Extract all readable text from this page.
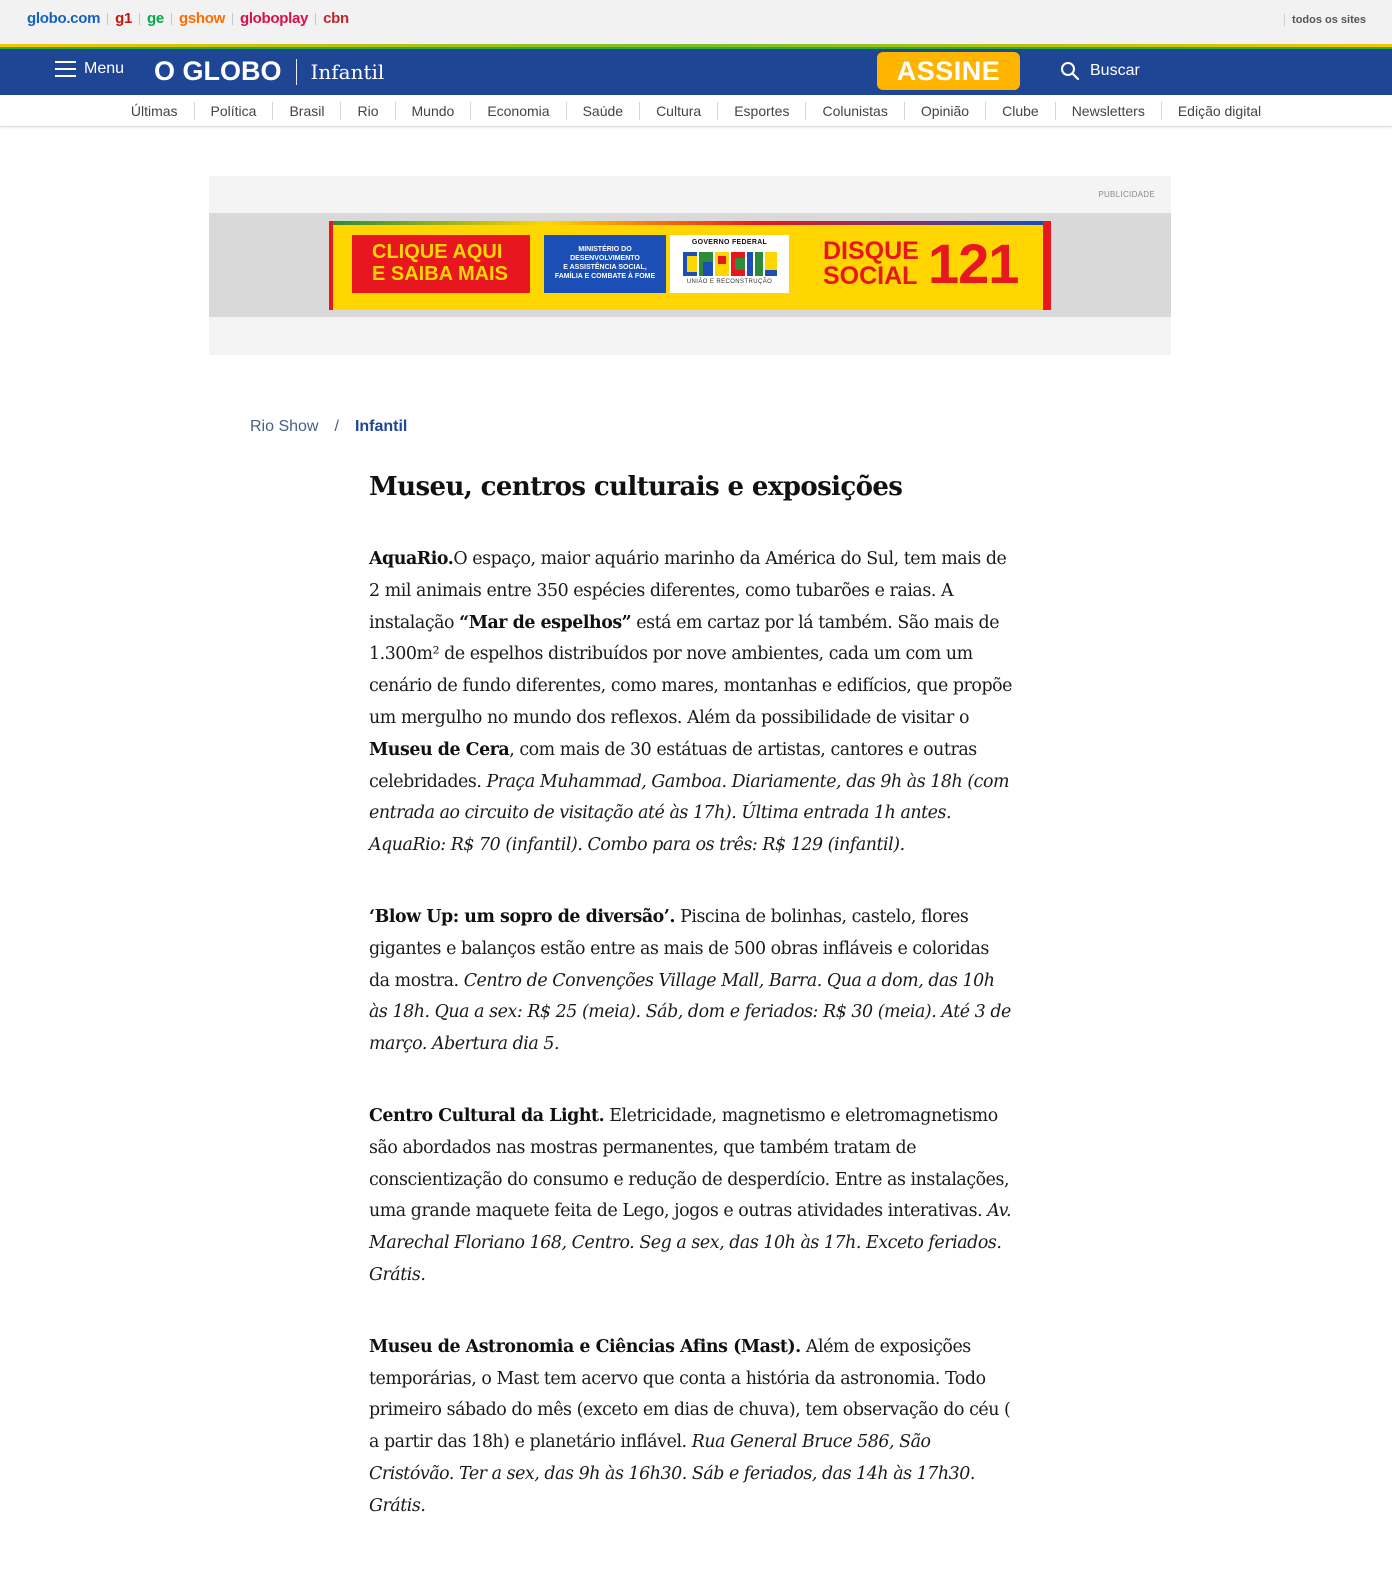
globo.com g1 ge gshow globoplay cbn	todos os sites
Menu O GLOBO Infantil	ASSINE	Buscar
Últimas	Política	Brasil	Rio	Mundo	Economia	Saúde	Cultura	Esportes	Colunistas	Opinião	Clube	Newsletters	Edição digital
PUBLICIDADE
CLIQUE AQUI
E SAIBA MAIS
MINISTÉRIO DO
DESENVOLVIMENTO
E ASSISTÊNCIA SOCIAL,
FAMÍLIA E COMBATE À FOME
GOVERNO FEDERAL
UNIÃO E RECONSTRUÇÃO
DISQUE
SOCIAL 121
Rio Show / Infantil
Museu, centros culturais e exposições

AquaRio.O espaço, maior aquário marinho da América do Sul, tem mais de 2 mil animais entre 350 espécies diferentes, como tubarões e raias. A instalação “Mar de espelhos” está em cartaz por lá também. São mais de 1.300m² de espelhos distribuídos por nove ambientes, cada um com um cenário de fundo diferentes, como mares, montanhas e edifícios, que propõe um mergulho no mundo dos reflexos. Além da possibilidade de visitar o Museu de Cera, com mais de 30 estátuas de artistas, cantores e outras celebridades. Praça Muhammad, Gamboa. Diariamente, das 9h às 18h (com entrada ao circuito de visitação até às 17h). Última entrada 1h antes. AquaRio: R$ 70 (infantil). Combo para os três: R$ 129 (infantil).

‘Blow Up: um sopro de diversão’. Piscina de bolinhas, castelo, flores gigantes e balanços estão entre as mais de 500 obras infláveis e coloridas da mostra. Centro de Convenções Village Mall, Barra. Qua a dom, das 10h às 18h. Qua a sex: R$ 25 (meia). Sáb, dom e feriados: R$ 30 (meia). Até 3 de março. Abertura dia 5.

Centro Cultural da Light. Eletricidade, magnetismo e eletromagnetismo são abordados nas mostras permanentes, que também tratam de conscientização do consumo e redução de desperdício. Entre as instalações, uma grande maquete feita de Lego, jogos e outras atividades interativas. Av. Marechal Floriano 168, Centro. Seg a sex, das 10h às 17h. Exceto feriados. Grátis.

Museu de Astronomia e Ciências Afins (Mast). Além de exposições temporárias, o Mast tem acervo que conta a história da astronomia. Todo primeiro sábado do mês (exceto em dias de chuva), tem observação do céu ( a partir das 18h) e planetário inflável. Rua General Bruce 586, São Cristóvão. Ter a sex, das 9h às 16h30. Sáb e feriados, das 14h às 17h30. Grátis.
